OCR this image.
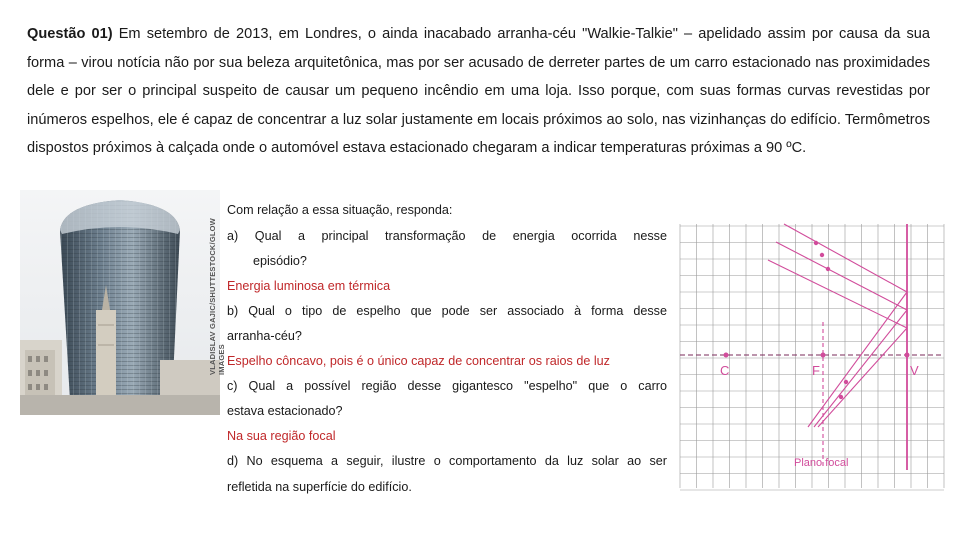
Questão 01) Em setembro de 2013, em Londres, o ainda inacabado arranha-céu "Walkie-Talkie" – apelidado assim por causa da sua forma – virou notícia não por sua beleza arquitetônica, mas por ser acusado de derreter partes de um carro estacionado nas proximidades dele e por ser o principal suspeito de causar um pequeno incêndio em uma loja. Isso porque, com suas formas curvas revestidas por inúmeros espelhos, ele é capaz de concentrar a luz solar justamente em locais próximos ao solo, nas vizinhanças do edifício. Termômetros dispostos próximos à calçada onde o automóvel estava estacionado chegaram a indicar temperaturas próximas a 90 ºC.

VLADISLAV GAJIC/SHUTTESTOCK/GLOW IMAGES
Com relação a essa situação, responda:
a) Qual a principal transformação de energia ocorrida nesse
episódio?
Energia luminosa em térmica
b) Qual o tipo de espelho que pode ser associado à forma desse
arranha-céu?
Espelho côncavo, pois é o único capaz de concentrar os raios de luz
c) Qual a possível região desse gigantesco "espelho" que o carro
estava estacionado?
Na sua região focal
d) No esquema a seguir, ilustre o comportamento da luz solar ao ser
refletida na superfície do edifício.
C	F	V
Plano focal
